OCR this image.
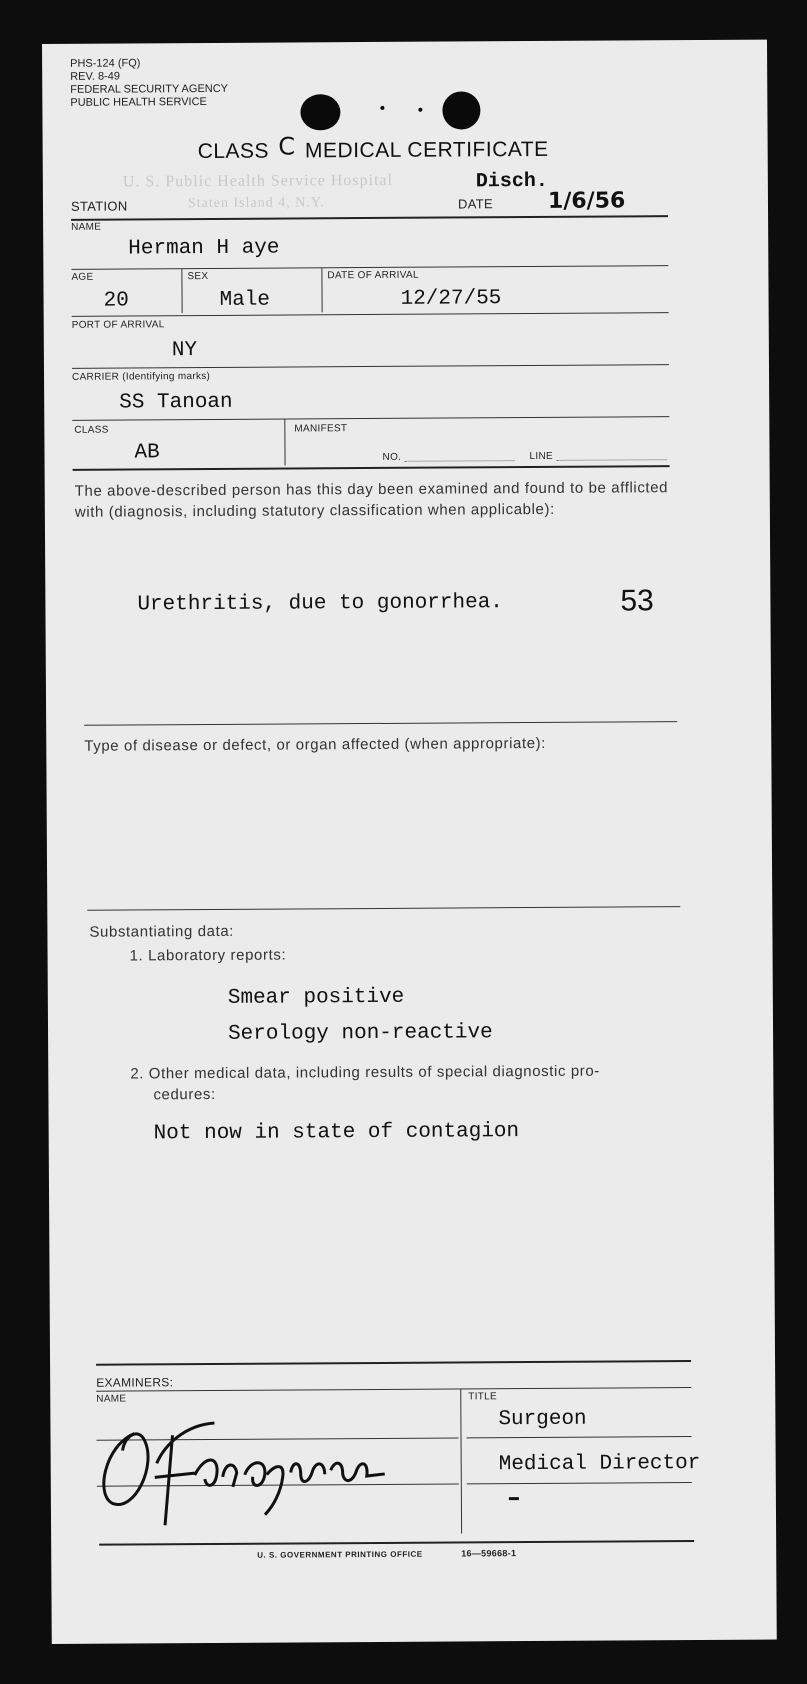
PHS-124 (FQ)
REV. 8-49
FEDERAL SECURITY AGENCY
PUBLIC HEALTH SERVICE
CLASS C MEDICAL CERTIFICATE
U. S. Public Health Service Hospital
Staten Island 4, N.Y.
Disch.
STATION	DATE 1/6/56
NAME
Herman H aye
AGE	SEX	DATE OF ARRIVAL
20	Male	12/27/55
PORT OF ARRIVAL
NY
CARRIER (Identifying marks)
SS Tanoan
CLASS	MANIFEST
AB	NO.	LINE
The above-described person has this day been examined and found to be afflicted with (diagnosis, including statutory classification when applicable):
Urethritis, due to gonorrhea.	53
Type of disease or defect, or organ affected (when appropriate):
Substantiating data:
1. Laboratory reports:
Smear positive
Serology non-reactive
2. Other medical data, including results of special diagnostic pro-
cedures:
Not now in state of contagion
EXAMINERS:
NAME	TITLE
Surgeon
Medical Director
U. S. GOVERNMENT PRINTING OFFICE	16—59668-1
